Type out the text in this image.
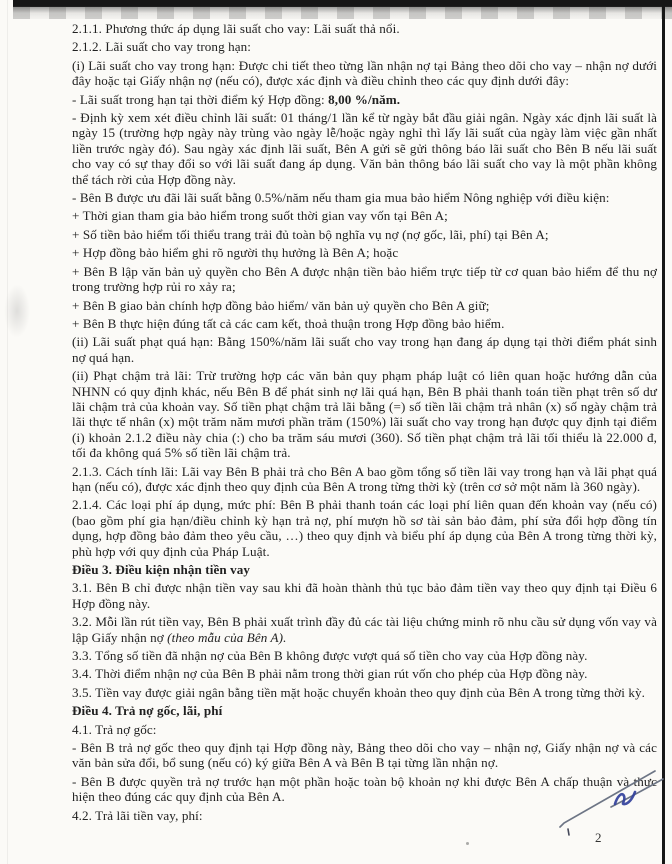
2.1.1. Phương thức áp dụng lãi suất cho vay: Lãi suất thả nổi.

2.1.2. Lãi suất cho vay trong hạn:

(i) Lãi suất cho vay trong hạn: Được chi tiết theo từng lần nhận nợ tại Bảng theo dõi cho vay – nhận nợ dưới đây hoặc tại Giấy nhận nợ (nếu có), được xác định và điều chỉnh theo các quy định dưới đây:

- Lãi suất trong hạn tại thời điểm ký Hợp đồng: 8,00 %/năm.

- Định kỳ xem xét điều chỉnh lãi suất: 01 tháng/1 lần kể từ ngày bắt đầu giải ngân. Ngày xác định lãi suất là ngày 15 (trường hợp ngày này trùng vào ngày lễ/hoặc ngày nghỉ thì lấy lãi suất của ngày làm việc gần nhất liền trước ngày đó). Sau ngày xác định lãi suất, Bên A gửi sẽ gửi thông báo lãi suất cho Bên B nếu lãi suất cho vay có sự thay đổi so với lãi suất đang áp dụng. Văn bản thông báo lãi suất cho vay là một phần không thể tách rời của Hợp đồng này.

- Bên B được ưu đãi lãi suất bằng 0.5%/năm nếu tham gia mua bảo hiểm Nông nghiệp với điều kiện:

+ Thời gian tham gia bảo hiểm trong suốt thời gian vay vốn tại Bên A;

+ Số tiền bảo hiểm tối thiểu trang trải đủ toàn bộ nghĩa vụ nợ (nợ gốc, lãi, phí) tại Bên A;

+ Hợp đồng bảo hiểm ghi rõ người thụ hưởng là Bên A; hoặc

+ Bên B lập văn bản uỷ quyền cho Bên A được nhận tiền bảo hiểm trực tiếp từ cơ quan bảo hiểm để thu nợ trong trường hợp rủi ro xảy ra;

+ Bên B giao bản chính hợp đồng bảo hiểm/ văn bản uỷ quyền cho Bên A giữ;

+ Bên B thực hiện đúng tất cả các cam kết, thoả thuận trong Hợp đồng bảo hiểm.

(ii) Lãi suất phạt quá hạn: Bằng 150%/năm lãi suất cho vay trong hạn đang áp dụng tại thời điểm phát sinh nợ quá hạn.

(ii) Phạt chậm trả lãi: Trừ trường hợp các văn bản quy phạm pháp luật có liên quan hoặc hướng dẫn của NHNN có quy định khác, nếu Bên B để phát sinh nợ lãi quá hạn, Bên B phải thanh toán tiền phạt trên số dư lãi chậm trả của khoản vay. Số tiền phạt chậm trả lãi bằng (=) số tiền lãi chậm trả nhân (x) số ngày chậm trả lãi thực tế nhân (x) một trăm năm mươi phần trăm (150%) lãi suất cho vay trong hạn được quy định tại điểm (i) khoản 2.1.2 điều này chia (:) cho ba trăm sáu mươi (360). Số tiền phạt chậm trả lãi tối thiểu là 22.000 đ, tối đa không quá 5% số tiền lãi chậm trả.

2.1.3. Cách tính lãi: Lãi vay Bên B phải trả cho Bên A bao gồm tổng số tiền lãi vay trong hạn và lãi phạt quá hạn (nếu có), được xác định theo quy định của Bên A trong từng thời kỳ (trên cơ sở một năm là 360 ngày).

2.1.4. Các loại phí áp dụng, mức phí: Bên B phải thanh toán các loại phí liên quan đến khoản vay (nếu có) (bao gồm phí gia hạn/điều chỉnh kỳ hạn trả nợ, phí mượn hồ sơ tài sản bảo đảm, phí sửa đổi hợp đồng tín dụng, hợp đồng bảo đảm theo yêu cầu, …) theo quy định và biểu phí áp dụng của Bên A trong từng thời kỳ, phù hợp với quy định của Pháp Luật.

Điều 3. Điều kiện nhận tiền vay

3.1. Bên B chỉ được nhận tiền vay sau khi đã hoàn thành thủ tục bảo đảm tiền vay theo quy định tại Điều 6 Hợp đồng này.

3.2. Mỗi lần rút tiền vay, Bên B phải xuất trình đầy đủ các tài liệu chứng minh rõ nhu cầu sử dụng vốn vay và lập Giấy nhận nợ (theo mẫu của Bên A).

3.3. Tổng số tiền đã nhận nợ của Bên B không được vượt quá số tiền cho vay của Hợp đồng này.

3.4. Thời điểm nhận nợ của Bên B phải nằm trong thời gian rút vốn cho phép của Hợp đồng này.

3.5. Tiền vay được giải ngân bằng tiền mặt hoặc chuyển khoản theo quy định của Bên A trong từng thời kỳ.

Điều 4. Trả nợ gốc, lãi, phí

4.1. Trả nợ gốc:

- Bên B trả nợ gốc theo quy định tại Hợp đồng này, Bảng theo dõi cho vay – nhận nợ, Giấy nhận nợ và các văn bản sửa đổi, bổ sung (nếu có) ký giữa Bên A và Bên B tại từng lần nhận nợ.

- Bên B được quyền trả nợ trước hạn một phần hoặc toàn bộ khoản nợ khi được Bên A chấp thuận và thực hiện theo đúng các quy định của Bên A.

4.2. Trả lãi tiền vay, phí:

2
